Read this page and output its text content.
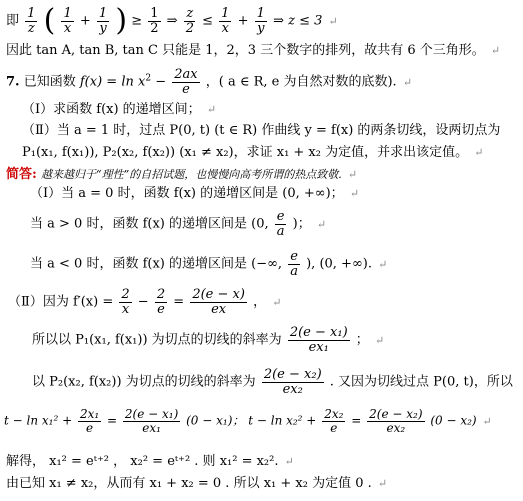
即 $\frac{1}{z}$ ( $\frac{1}{x} + \frac{1}{y}$ ) ≥ $\frac{1}{2}$ ⇒ $\frac{z}{2} \le \frac{1}{x} + \frac{1}{y}$ ⇒ z ≤ 3 ↵
因此 tan A, tan B, tan C 只能是 1，2，3 三个数字的排列，故共有 6 个三角形。 ↵
7. 已知函数 $f(x) = \ln x^2 - \frac{2ax}{e}$ ，( a ∈ R, e 为自然对数的底数). ↵
（Ⅰ）求函数 f(x) 的递增区间； ↵
（Ⅱ）当 a = 1 时，过点 P(0, t) (t ∈ R) 作曲线 y = f(x) 的两条切线，设两切点为
P₁(x₁, f(x₁)), P₂(x₂, f(x₂)) (x₁ ≠ x₂)，求证 x₁ + x₂ 为定值，并求出该定值。 ↵
简答: 越来越归于“理性”的自招试题，也慢慢向高考所谓的热点致敬. ↵
（Ⅰ）当 a = 0 时，函数 f(x) 的递增区间是 (0, +∞)； ↵
当 a > 0 时，函数 f(x) 的递增区间是 (0, $\frac{e}{a}$ )； ↵
当 a < 0 时，函数 f(x) 的递增区间是 (−∞, $\frac{e}{a}$ ), (0, +∞). ↵
（Ⅱ）因为 $f'(x) = \frac{2}{x} - \frac{2}{e} = \frac{2(e - x)}{ex}$ ， ↵
所以以 P₁(x₁, f(x₁)) 为切点的切线的斜率为 $\frac{\text{2(e − x₁)}}{\text{ex₁}}$ ； ↵
以 P₂(x₂, f(x₂)) 为切点的切线的斜率为 $\frac{\text{2(e − x₂)}}{\text{ex₂}}$ . 又因为切线过点 P(0, t)，所以
$t - \ln x_1^2 + \frac{\text{2x₁}}{e} = \frac{\text{2(e − x₁)}}{\text{ex₁}} (0 - x_1)$； $t - \ln x_2^2 + \frac{\text{2x₂}}{e} = \frac{\text{2(e − x₂)}}{\text{ex₂}} (0 - x_2)$ ↵
解得， x₁² = eᵗ⁺² ， x₂² = eᵗ⁺² . 则 x₁² = x₂². ↵
由已知 x₁ ≠ x₂，从而有 x₁ + x₂ = 0 . 所以 x₁ + x₂ 为定值 0 . ↵
